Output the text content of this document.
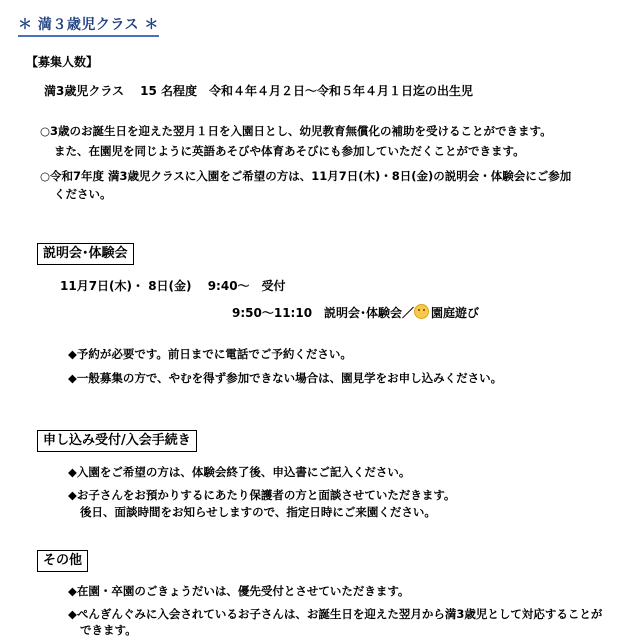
＊ 満３歳児クラス ＊
【募集人数】
満3歳児クラス　 15 名程度　令和４年４月２日～令和５年４月１日迄の出生児
○3歳のお誕生日を迎えた翌月１日を入園日とし、幼児教育無償化の補助を受けることができます。
また、在園児を同じように英語あそびや体育あそびにも参加していただくことができます。
○令和7年度 満3歳児クラスに入園をご希望の方は、11月7日(木)・8日(金)の説明会・体験会にご参加
ください。
説明会･体験会
11月7日(木)・ 8日(金)　 9:40～　受付
9:50～11:10　説明会･体験会／ 園庭遊び
◆予約が必要です。前日までに電話でご予約ください。
◆一般募集の方で、やむを得ず参加できない場合は、園見学をお申し込みください。
申し込み受付/入会手続き
◆入園をご希望の方は、体験会終了後、申込書にご記入ください。
◆お子さんをお預かりするにあたり保護者の方と面談させていただきます。
後日、面談時間をお知らせしますので、指定日時にご来園ください。
その他
◆在園・卒園のごきょうだいは、優先受付とさせていただきます。
◆ぺんぎんぐみに入会されているお子さんは、お誕生日を迎えた翌月から満3歳児として対応することが
できます。
